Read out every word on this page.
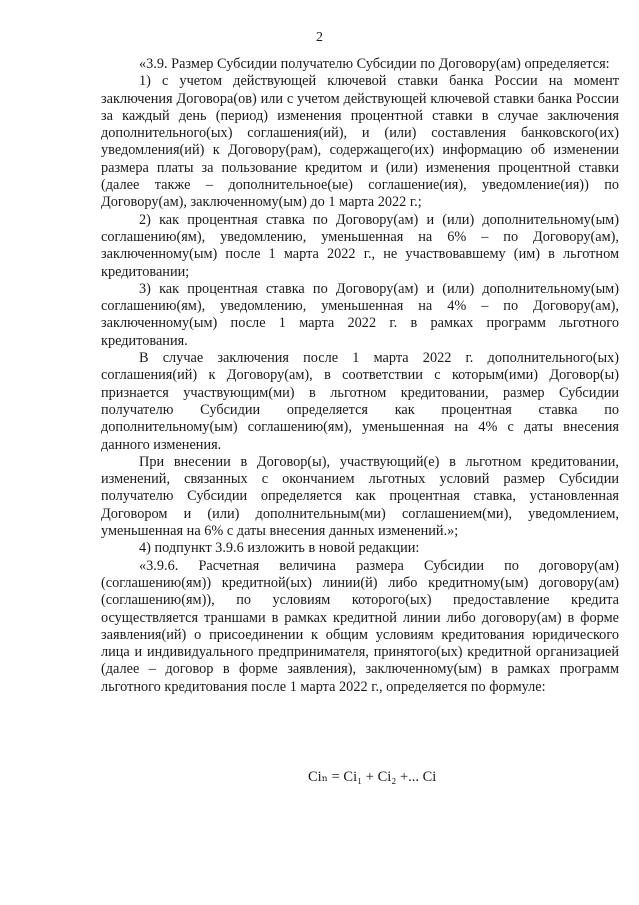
2

«3.9. Размер Субсидии получателю Субсидии по Договору(ам) определяется:

1) с учетом действующей ключевой ставки банка России на момент заключения Договора(ов) или с учетом действующей ключевой ставки банка России за каждый день (период) изменения процентной ставки в случае заключения дополнительного(ых) соглашения(ий), и (или) составления банковского(их) уведомления(ий) к Договору(рам), содержащего(их) информацию об изменении размера платы за пользование кредитом и (или) изменения процентной ставки (далее также – дополнительное(ые) соглашение(ия), уведомление(ия)) по Договору(ам), заключенному(ым) до 1 марта 2022 г.;

2) как процентная ставка по Договору(ам) и (или) дополнительному(ым) соглашению(ям), уведомлению, уменьшенная на 6% – по Договору(ам), заключенному(ым) после 1 марта 2022 г., не участвовавшему (им) в льготном кредитовании;

3) как процентная ставка по Договору(ам) и (или) дополнительному(ым) соглашению(ям), уведомлению, уменьшенная на 4% – по Договору(ам), заключенному(ым) после 1 марта 2022 г. в рамках программ льготного кредитования.

В случае заключения после 1 марта 2022 г. дополнительного(ых) соглашения(ий) к Договору(ам), в соответствии с которым(ими) Договор(ы) признается участвующим(ми) в льготном кредитовании, размер Субсидии получателю Субсидии определяется как процентная ставка по дополнительному(ым) соглашению(ям), уменьшенная на 4% с даты внесения данного изменения.

При внесении в Договор(ы), участвующий(е) в льготном кредитовании, изменений, связанных с окончанием льготных условий размер Субсидии получателю Субсидии определяется как процентная ставка, установленная Договором и (или) дополнительным(ми) соглашением(ми), уведомлением, уменьшенная на 6% с даты внесения данных изменений.»;

4) подпункт 3.9.6 изложить в новой редакции:

«3.9.6. Расчетная величина размера Субсидии по договору(ам) (соглашению(ям)) кредитной(ых) линии(й) либо кредитному(ым) договору(ам) (соглашению(ям)), по условиям которого(ых) предоставление кредита осуществляется траншами в рамках кредитной линии либо договору(ам) в форме заявления(ий) о присоединении к общим условиям кредитования юридического лица и индивидуального предпринимателя, принятого(ых) кредитной организацией (далее – договор в форме заявления), заключенному(ым) в рамках программ льготного кредитования после 1 марта 2022 г., определяется по формуле:

Ciₙ = Ci₁ + Ci₂ +... Ci
